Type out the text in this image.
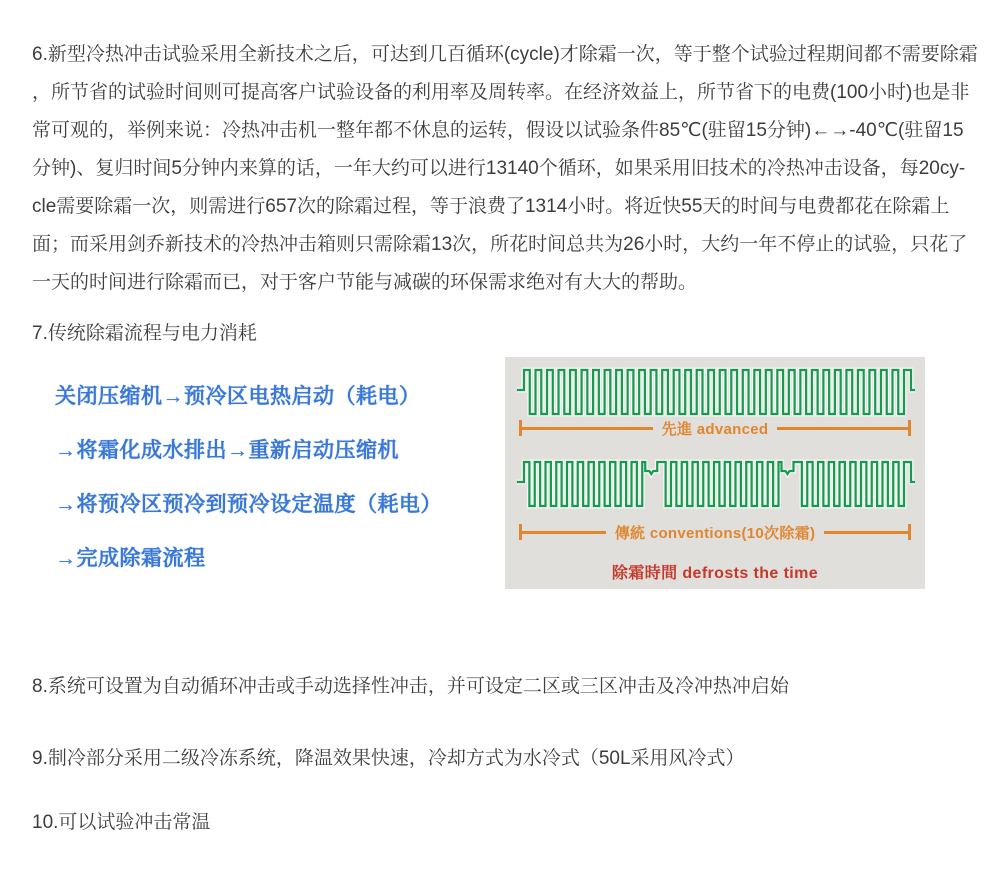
6.新型冷热冲击试验采用全新技术之后，可达到几百循环(cycle)才除霜一次，等于整个试验过程期间都不需要除霜
，所节省的试验时间则可提高客户试验设备的利用率及周转率。在经济效益上，所节省下的电费(100小时)也是非
常可观的，举例来说：冷热冲击机一整年都不休息的运转，假设以试验条件85℃(驻留15分钟)←→-40℃(驻留15
分钟)、复归时间5分钟内来算的话，一年大约可以进行13140个循环，如果采用旧技术的冷热冲击设备，每20cy-
cle需要除霜一次，则需进行657次的除霜过程，等于浪费了1314小时。将近快55天的时间与电费都花在除霜上
面；而采用剑乔新技术的冷热冲击箱则只需除霜13次，所花时间总共为26小时，大约一年不停止的试验，只花了
一天的时间进行除霜而已，对于客户节能与减碳的环保需求绝对有大大的帮助。
7.传统除霜流程与电力消耗
关闭压缩机→预冷区电热启动（耗电）
→将霜化成水排出→重新启动压缩机
→将预冷区预冷到预冷设定温度（耗电）
→完成除霜流程
先進 advanced
傳統 conventions(10次除霜)
除霜時間 defrosts the time
8.系统可设置为自动循环冲击或手动选择性冲击，并可设定二区或三区冲击及冷冲热冲启始
9.制冷部分采用二级冷冻系统，降温效果快速，冷却方式为水冷式（50L采用风冷式）
10.可以试验冲击常温
